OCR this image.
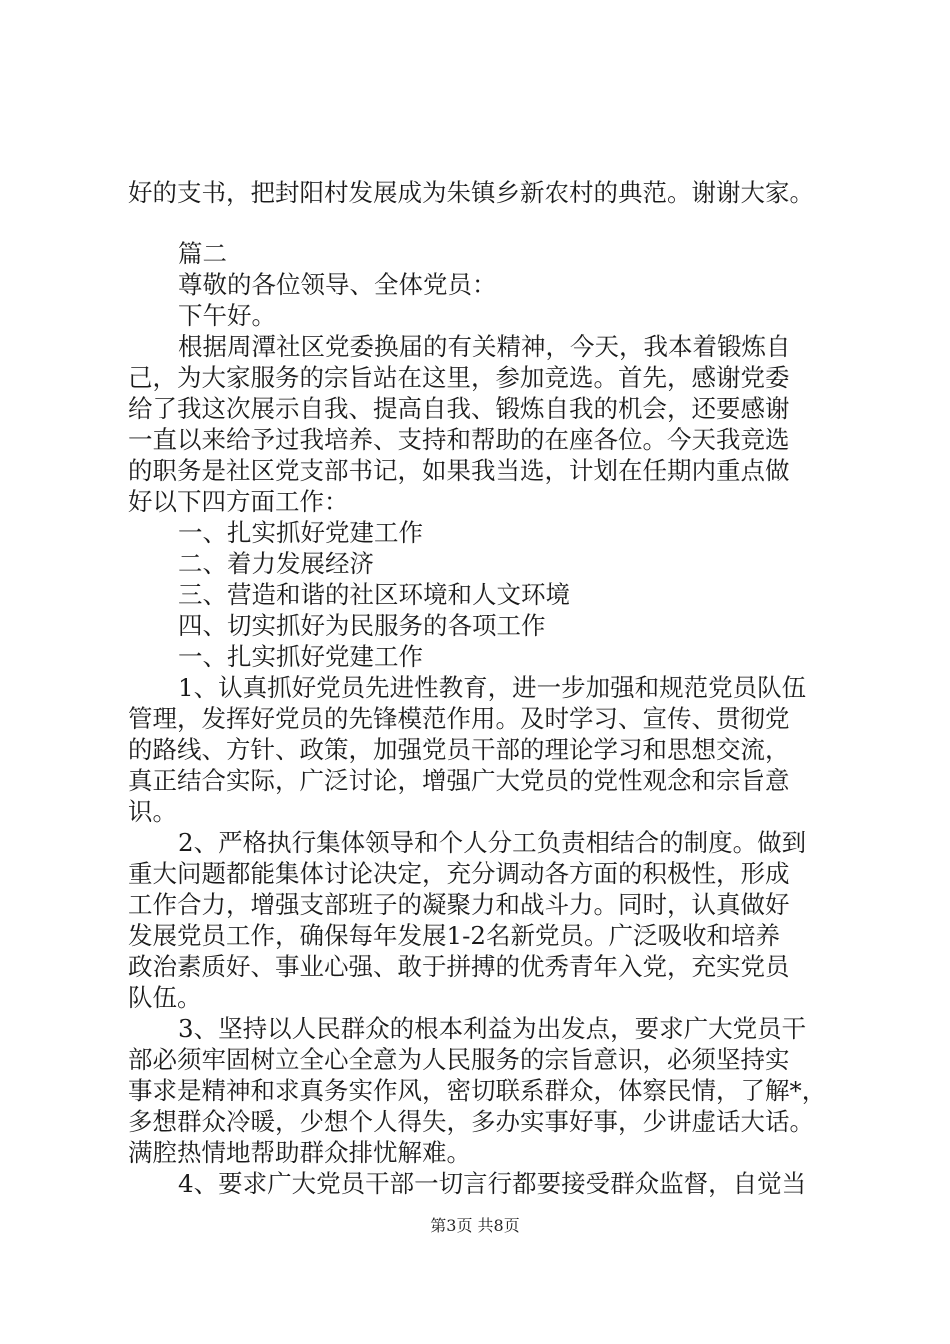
好的支书，把封阳村发展成为朱镇乡新农村的典范。谢谢大家。

篇二

尊敬的各位领导、全体党员：

下午好。

根据周潭社区党委换届的有关精神，今天，我本着锻炼自

己，为大家服务的宗旨站在这里，参加竞选。首先，感谢党委

给了我这次展示自我、提高自我、锻炼自我的机会，还要感谢

一直以来给予过我培养、支持和帮助的在座各位。今天我竞选

的职务是社区党支部书记，如果我当选，计划在任期内重点做

好以下四方面工作：

一、扎实抓好党建工作

二、着力发展经济

三、营造和谐的社区环境和人文环境

四、切实抓好为民服务的各项工作

一、扎实抓好党建工作

1、认真抓好党员先进性教育，进一步加强和规范党员队伍

管理，发挥好党员的先锋模范作用。及时学习、宣传、贯彻党

的路线、方针、政策，加强党员干部的理论学习和思想交流，

真正结合实际，广泛讨论，增强广大党员的党性观念和宗旨意

识。

2、严格执行集体领导和个人分工负责相结合的制度。做到

重大问题都能集体讨论决定，充分调动各方面的积极性，形成

工作合力，增强支部班子的凝聚力和战斗力。同时，认真做好

发展党员工作，确保每年发展1-2名新党员。广泛吸收和培养

政治素质好、事业心强、敢于拼搏的优秀青年入党，充实党员

队伍。

3、坚持以人民群众的根本利益为出发点，要求广大党员干

部必须牢固树立全心全意为人民服务的宗旨意识，必须坚持实

事求是精神和求真务实作风，密切联系群众，体察民情，了解*，

多想群众冷暖，少想个人得失，多办实事好事，少讲虚话大话。

满腔热情地帮助群众排忧解难。

4、要求广大党员干部一切言行都要接受群众监督，自觉当

第3页 共8页
